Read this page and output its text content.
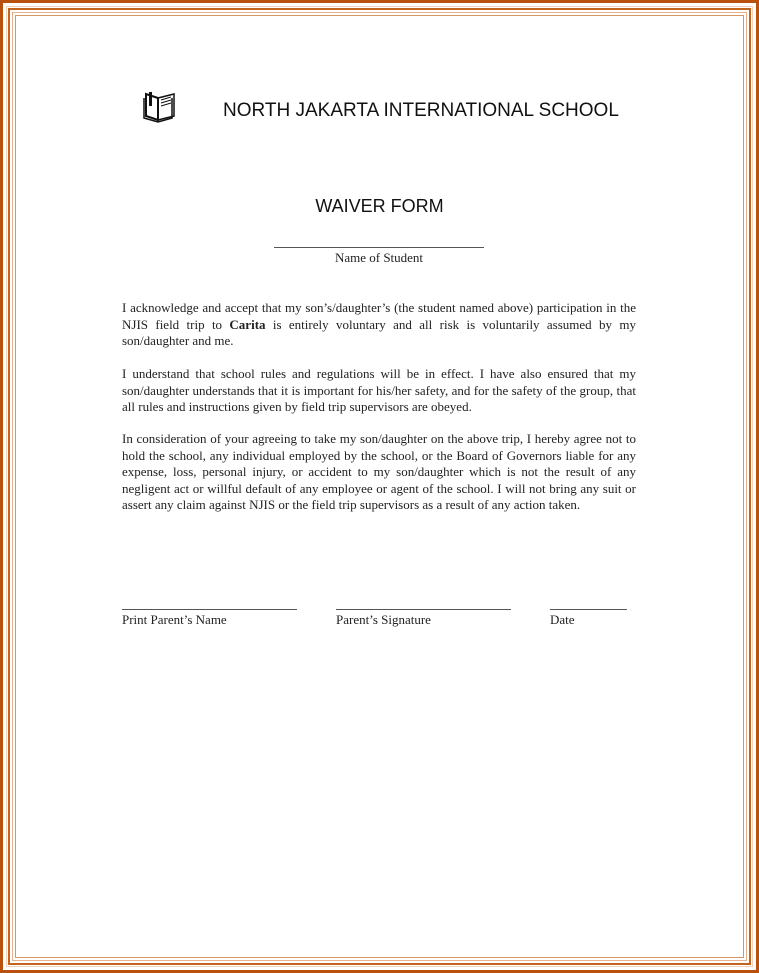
NORTH JAKARTA INTERNATIONAL SCHOOL
WAIVER FORM
Name of Student

I acknowledge and accept that my son’s/daughter’s (the student named above) participation in the NJIS field trip to Carita is entirely voluntary and all risk is voluntarily assumed by my son/daughter and me.

I understand that school rules and regulations will be in effect. I have also ensured that my son/daughter understands that it is important for his/her safety, and for the safety of the group, that all rules and instructions given by field trip supervisors are obeyed.

In consideration of your agreeing to take my son/daughter on the above trip, I hereby agree not to hold the school, any individual employed by the school, or the Board of Governors liable for any expense, loss, personal injury, or accident to my son/daughter which is not the result of any negligent act or willful default of any employee or agent of the school. I will not bring any suit or assert any claim against NJIS or the field trip supervisors as a result of any action taken.

Print Parent’s Name	Parent’s Signature	Date
